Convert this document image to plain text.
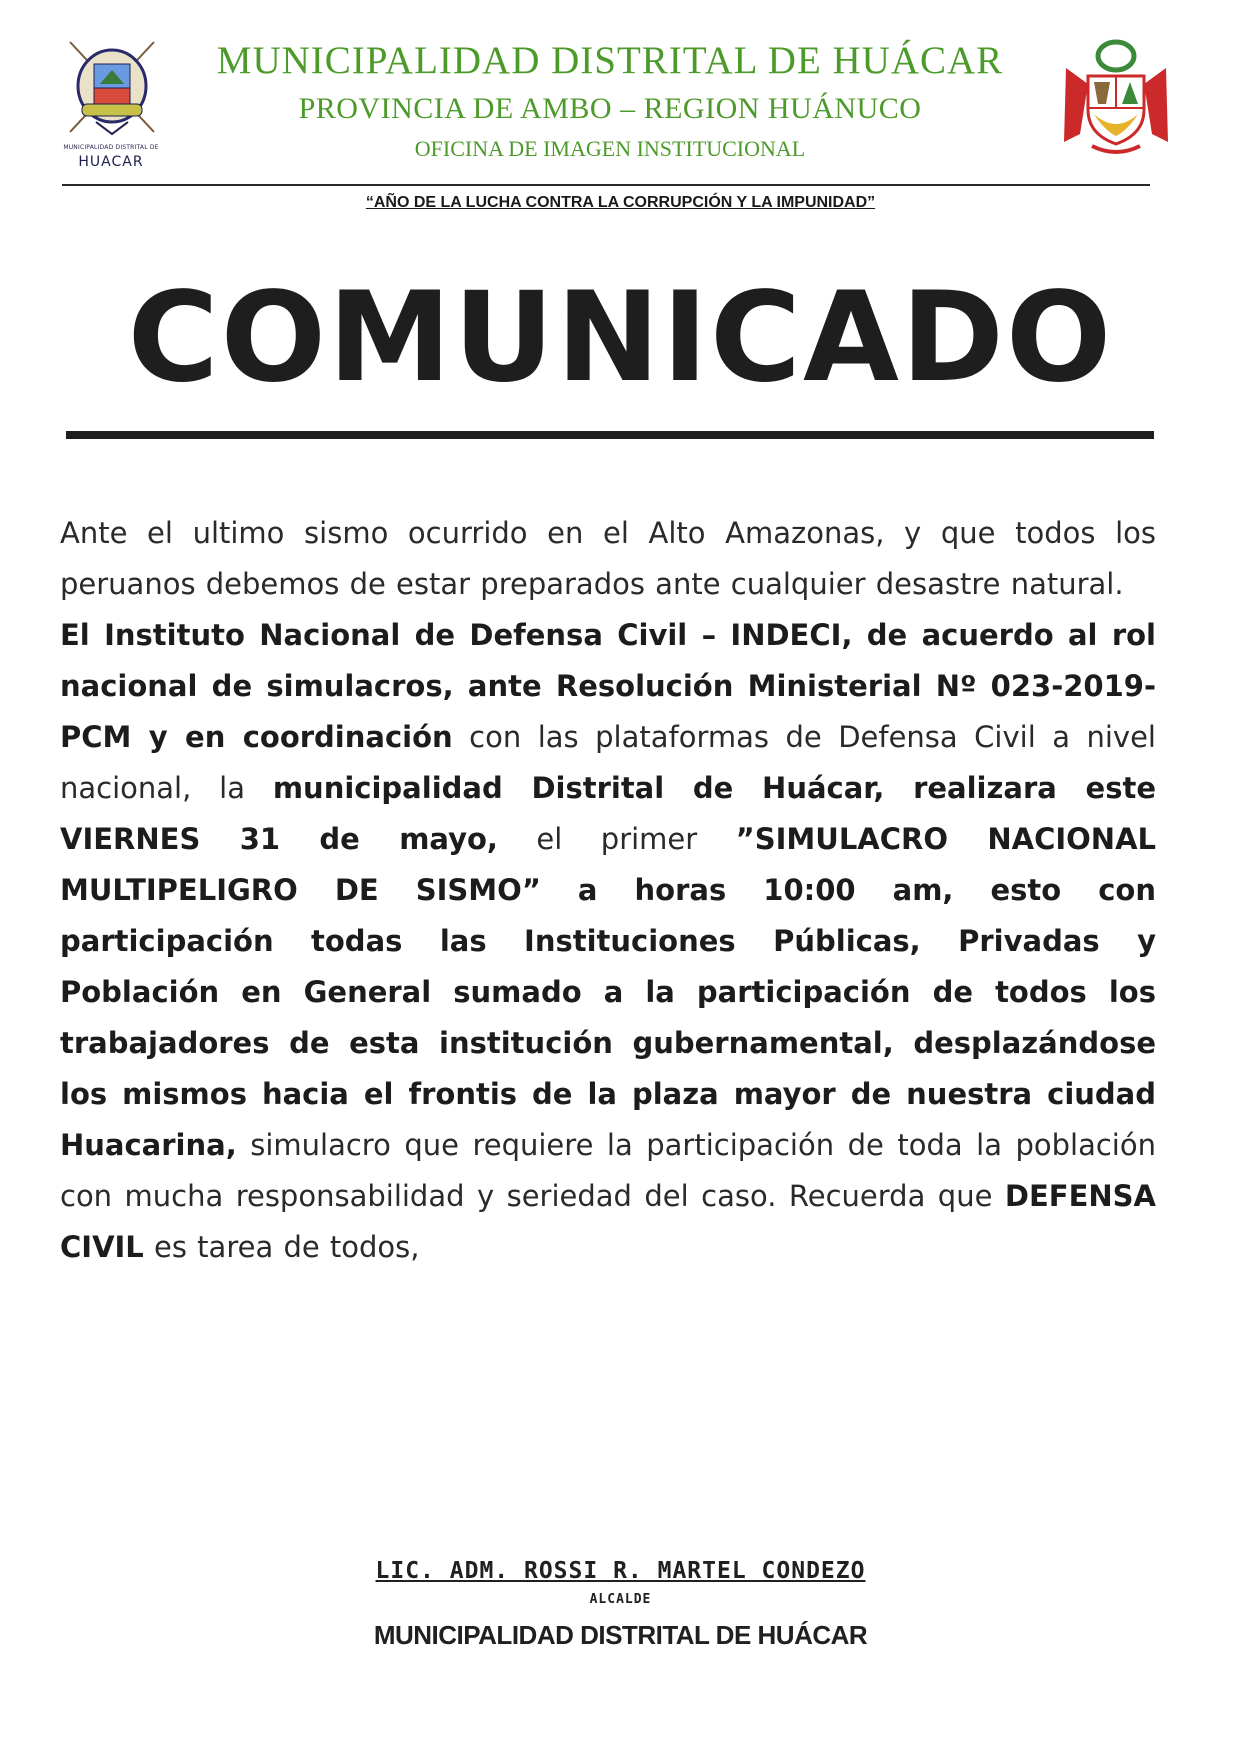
MUNICIPALIDAD DISTRITAL DE
HUACAR
MUNICIPALIDAD DISTRITAL DE HUÁCAR
PROVINCIA DE AMBO – REGION HUÁNUCO
OFICINA DE IMAGEN INSTITUCIONAL
“AÑO DE LA LUCHA CONTRA LA CORRUPCIÓN Y LA IMPUNIDAD”
COMUNICADO

Ante el ultimo sismo ocurrido en el Alto Amazonas, y que todos los peruanos debemos de estar preparados ante cualquier desastre natural.

El Instituto Nacional de Defensa Civil – INDECI, de acuerdo al rol nacional de simulacros, ante Resolución Ministerial Nº 023-2019-PCM y en coordinación con las plataformas de Defensa Civil a nivel nacional, la municipalidad Distrital de Huácar, realizara este VIERNES 31 de mayo, el primer ”SIMULACRO NACIONAL MULTIPELIGRO DE SISMO” a horas 10:00 am, esto con participación todas las Instituciones Públicas, Privadas y Población en General sumado a la participación de todos los trabajadores de esta institución gubernamental, desplazándose los mismos hacia el frontis de la plaza mayor de nuestra ciudad Huacarina, simulacro que requiere la participación de toda la población con mucha responsabilidad y seriedad del caso. Recuerda que DEFENSA CIVIL es tarea de todos,

LIC. ADM. ROSSI R. MARTEL CONDEZO
ALCALDE
MUNICIPALIDAD DISTRITAL DE HUÁCAR
